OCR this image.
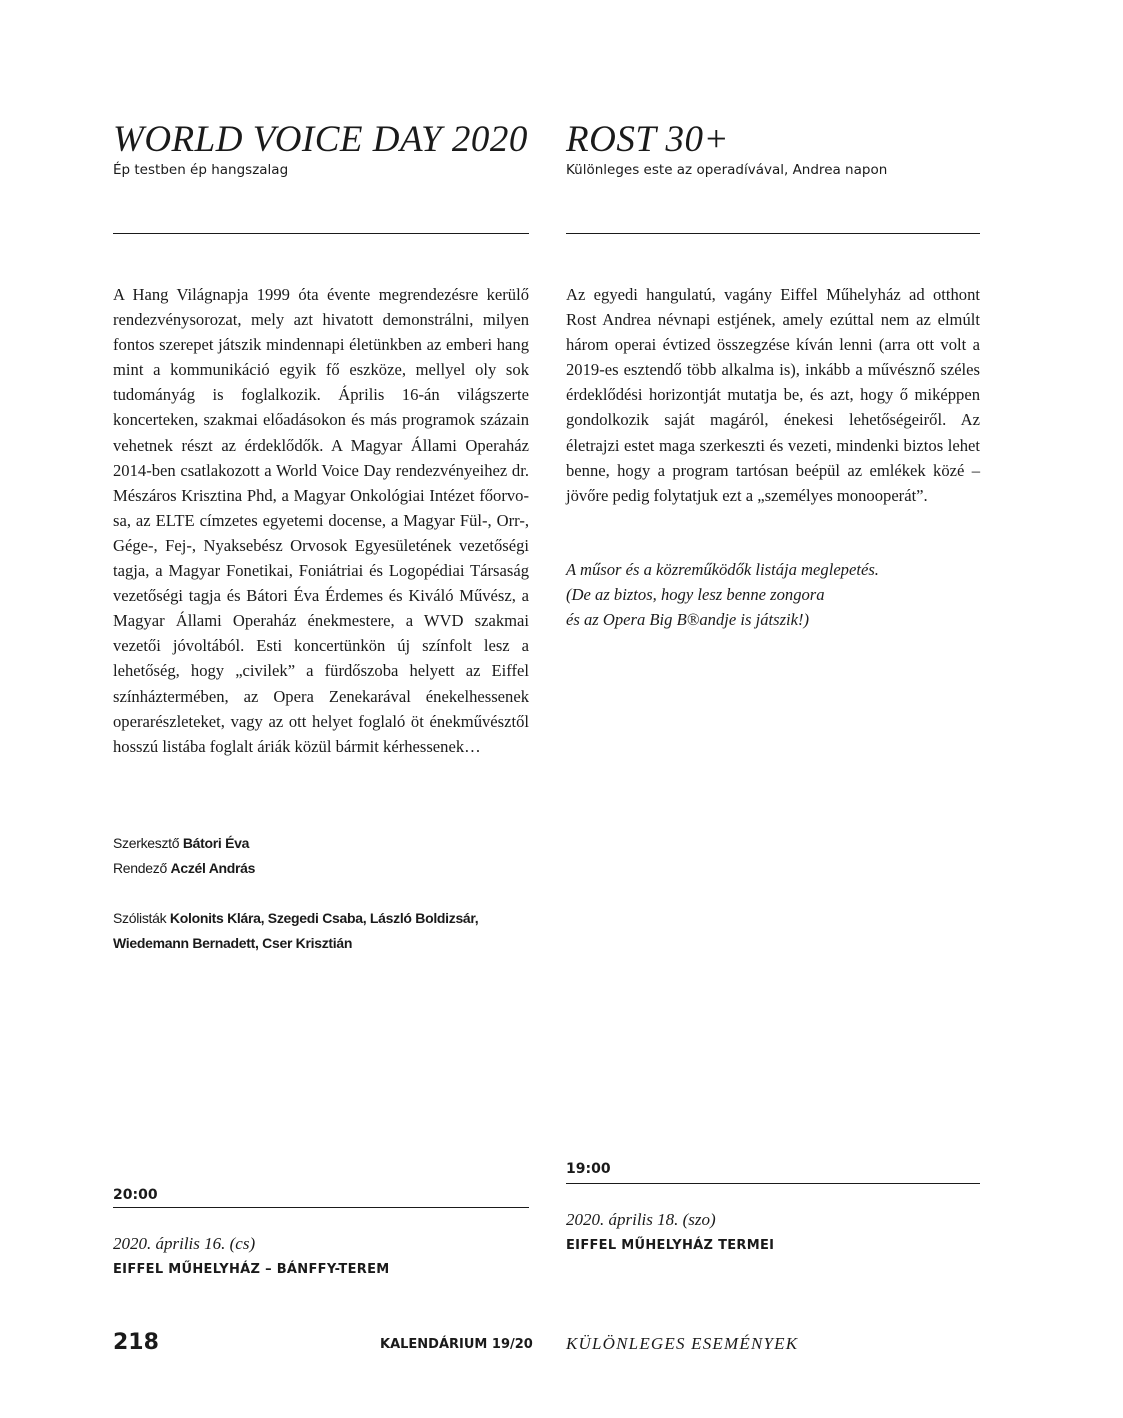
WORLD VOICE DAY 2020
Ép testben ép hangszalag

A Hang Világnapja 1999 óta évente megrendezésre kerülő rendezvénysorozat, mely azt hivatott demonstrálni, milyen fontos szerepet játszik mindennapi életünkben az emberi hang mint a kommunikáció egyik fő eszköze, mellyel oly sok tudományág is foglalkozik. Április 16-án világszerte koncerteken, szakmai előadásokon és más programok százain vehetnek részt az érdeklődők. A Magyar Állami Operaház 2014-ben csatlakozott a World Voice Day rendezvényeihez dr. Mészáros Krisztina Phd, a Magyar Onkológiai Intézet főorvosa, az ELTE címzetes egyetemi docense, a Magyar Fül-, Orr-, Gége-, Fej-, Nyaksebész Orvosok Egyesületének vezetőségi tagja, a Magyar Fonetikai, Foniátriai és Logopédiai Társaság vezetőségi tagja és Bátori Éva Érdemes és Kiváló Művész, a Magyar Állami Operaház énekmestere, a WVD szakmai vezetői jóvoltából. Esti koncertünkön új színfolt lesz a lehetőség, hogy „civilek” a fürdőszoba helyett az Eiffel színháztermében, az Opera Zenekarával énekelhessenek operarészleteket, vagy az ott helyet foglaló öt énekművésztől hosszú listába foglalt áriák közül bármit kérhessenek…

Szerkesztő Bátori Éva
Rendező Aczél András
Szólisták Kolonits Klára, Szegedi Csaba, László Boldizsár,
Wiedemann Bernadett, Cser Krisztián
20:00
2020. április 16. (cs)
EIFFEL MŰHELYHÁZ – BÁNFFY-TEREM
ROST 30+
Különleges este az operadívával, Andrea napon

Az egyedi hangulatú, vagány Eiffel Műhelyház ad otthont Rost Andrea névnapi estjének, amely ezúttal nem az elmúlt három operai évtized összegzése kíván lenni (arra ott volt a 2019-es esztendő több alkalma is), inkább a művésznő széles érdeklődési horizontját mutatja be, és azt, hogy ő miképpen gondolkozik saját magáról, énekesi lehetőségeiről. Az életrajzi estet maga szerkeszti és vezeti, mindenki biztos lehet benne, hogy a program tartósan beépül az emlékek közé – jövőre pedig folytatjuk ezt a „személyes monooperát”.

A műsor és a közreműködők listája meglepetés.
(De az biztos, hogy lesz benne zongora
és az Opera Big B®andje is játszik!)
19:00
2020. április 18. (szo)
EIFFEL MŰHELYHÁZ TERMEI
218	KALENDÁRIUM 19/20 KÜLÖNLEGES ESEMÉNYEK
